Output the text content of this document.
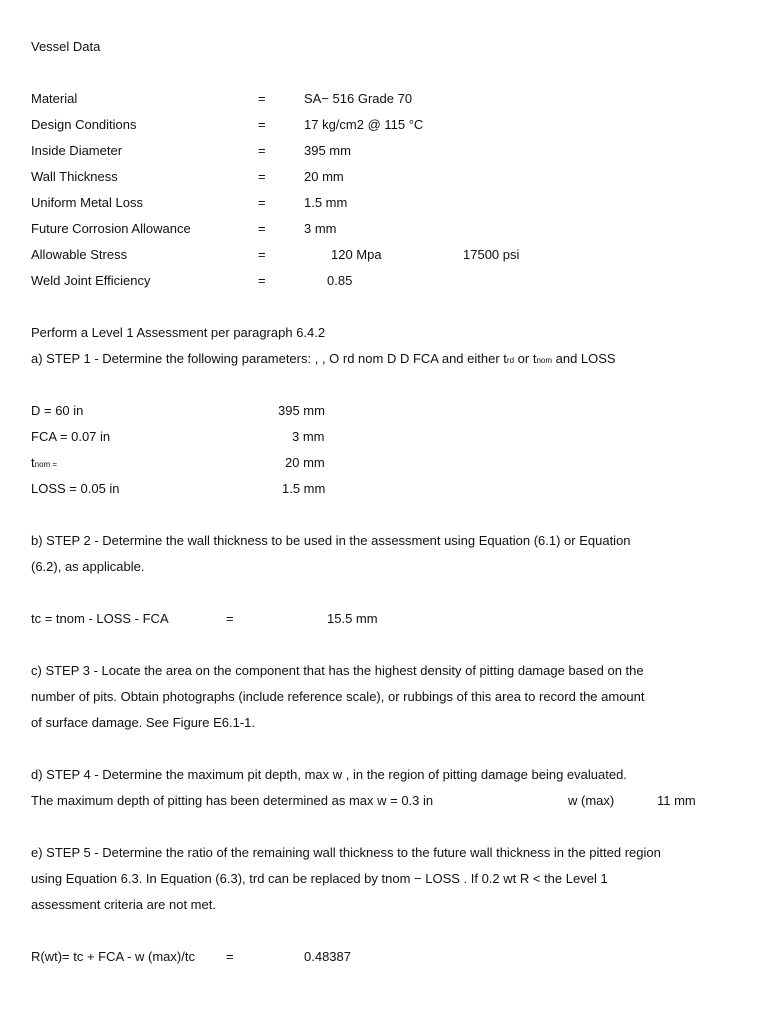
Vessel Data
Material	=	SA− 516 Grade 70
Design Conditions	=	17 kg/cm2 @ 115 °C
Inside Diameter	=	395 mm
Wall Thickness	=	20 mm
Uniform Metal Loss	=	1.5 mm
Future Corrosion Allowance	=	3 mm
Allowable Stress	=	120 Mpa	17500 psi
Weld Joint Efficiency	=	0.85
Perform a Level 1 Assessment per paragraph 6.4.2
a) STEP 1 - Determine the following parameters: , , O rd nom D D FCA and either trd or tnom and LOSS
D = 60 in	395 mm
FCA = 0.07 in	3 mm
tnom =	20 mm
LOSS = 0.05 in	1.5 mm
b) STEP 2 - Determine the wall thickness to be used in the assessment using Equation (6.1) or Equation
(6.2), as applicable.
tc = tnom - LOSS - FCA	=	15.5 mm
c) STEP 3 - Locate the area on the component that has the highest density of pitting damage based on the
number of pits. Obtain photographs (include reference scale), or rubbings of this area to record the amount
of surface damage. See Figure E6.1-1.
d) STEP 4 - Determine the maximum pit depth, max w , in the region of pitting damage being evaluated.
The maximum depth of pitting has been determined as max w = 0.3 in	w (max)	11 mm
e) STEP 5 - Determine the ratio of the remaining wall thickness to the future wall thickness in the pitted region
using Equation 6.3. In Equation (6.3), trd can be replaced by tnom − LOSS . If 0.2 wt R < the Level 1
assessment criteria are not met.
R(wt)= tc + FCA - w (max)/tc =	0.48387
